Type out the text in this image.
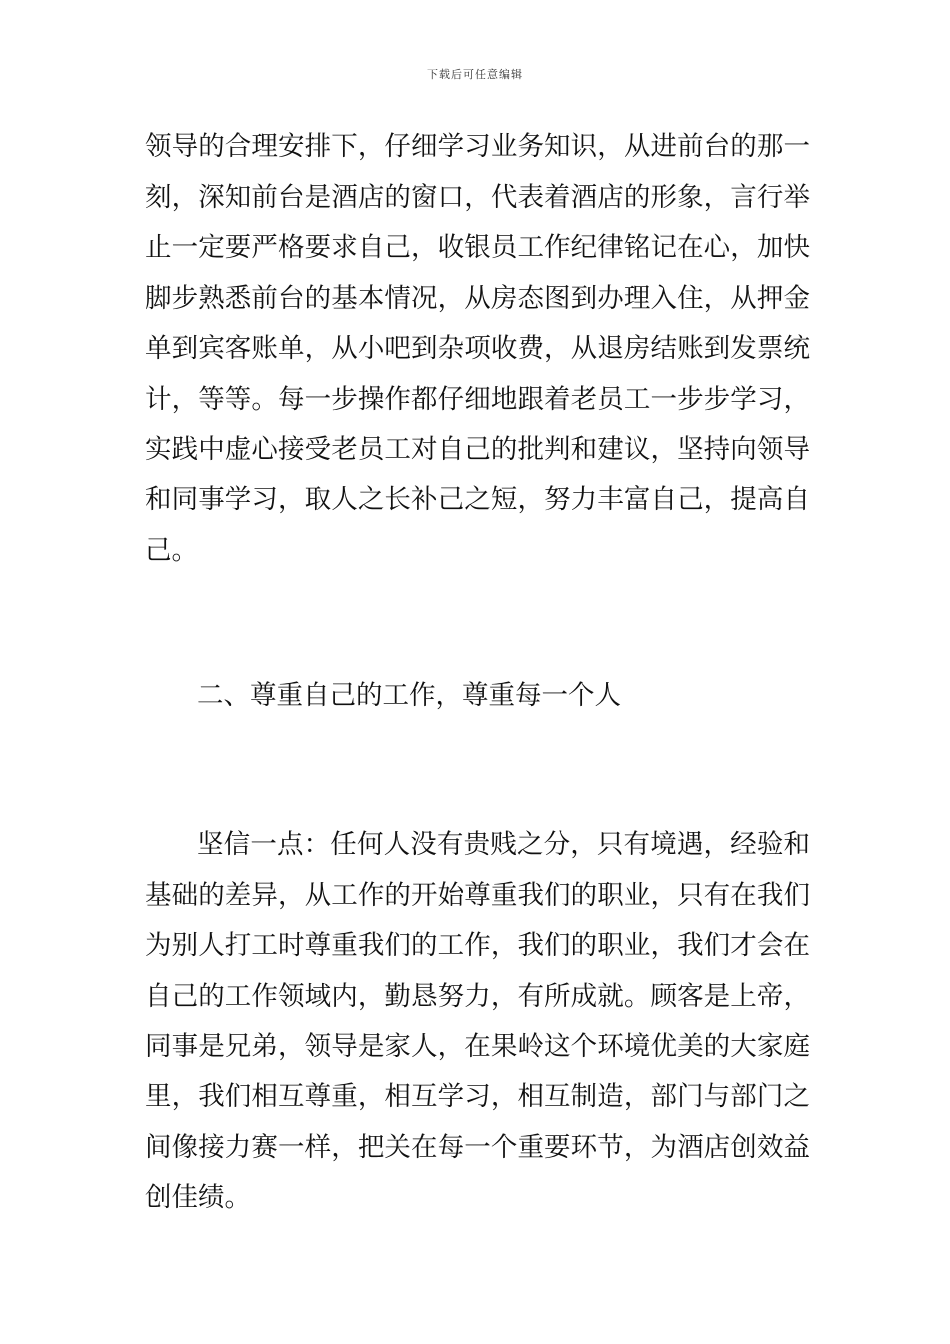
下载后可任意编辑
领导的合理安排下，仔细学习业务知识，从进前台的那一
刻，深知前台是酒店的窗口，代表着酒店的形象，言行举
止一定要严格要求自己，收银员工作纪律铭记在心，加快
脚步熟悉前台的基本情况，从房态图到办理入住，从押金
单到宾客账单，从小吧到杂项收费，从退房结账到发票统
计，等等。每一步操作都仔细地跟着老员工一步步学习，
实践中虚心接受老员工对自己的批判和建议，坚持向领导
和同事学习，取人之长补己之短，努力丰富自己，提高自
己。
二、尊重自己的工作，尊重每一个人
坚信一点：任何人没有贵贱之分，只有境遇，经验和
基础的差异，从工作的开始尊重我们的职业，只有在我们
为别人打工时尊重我们的工作，我们的职业，我们才会在
自己的工作领域内，勤恳努力，有所成就。顾客是上帝，
同事是兄弟，领导是家人，在果岭这个环境优美的大家庭
里，我们相互尊重，相互学习，相互制造，部门与部门之
间像接力赛一样，把关在每一个重要环节，为酒店创效益
创佳绩。
